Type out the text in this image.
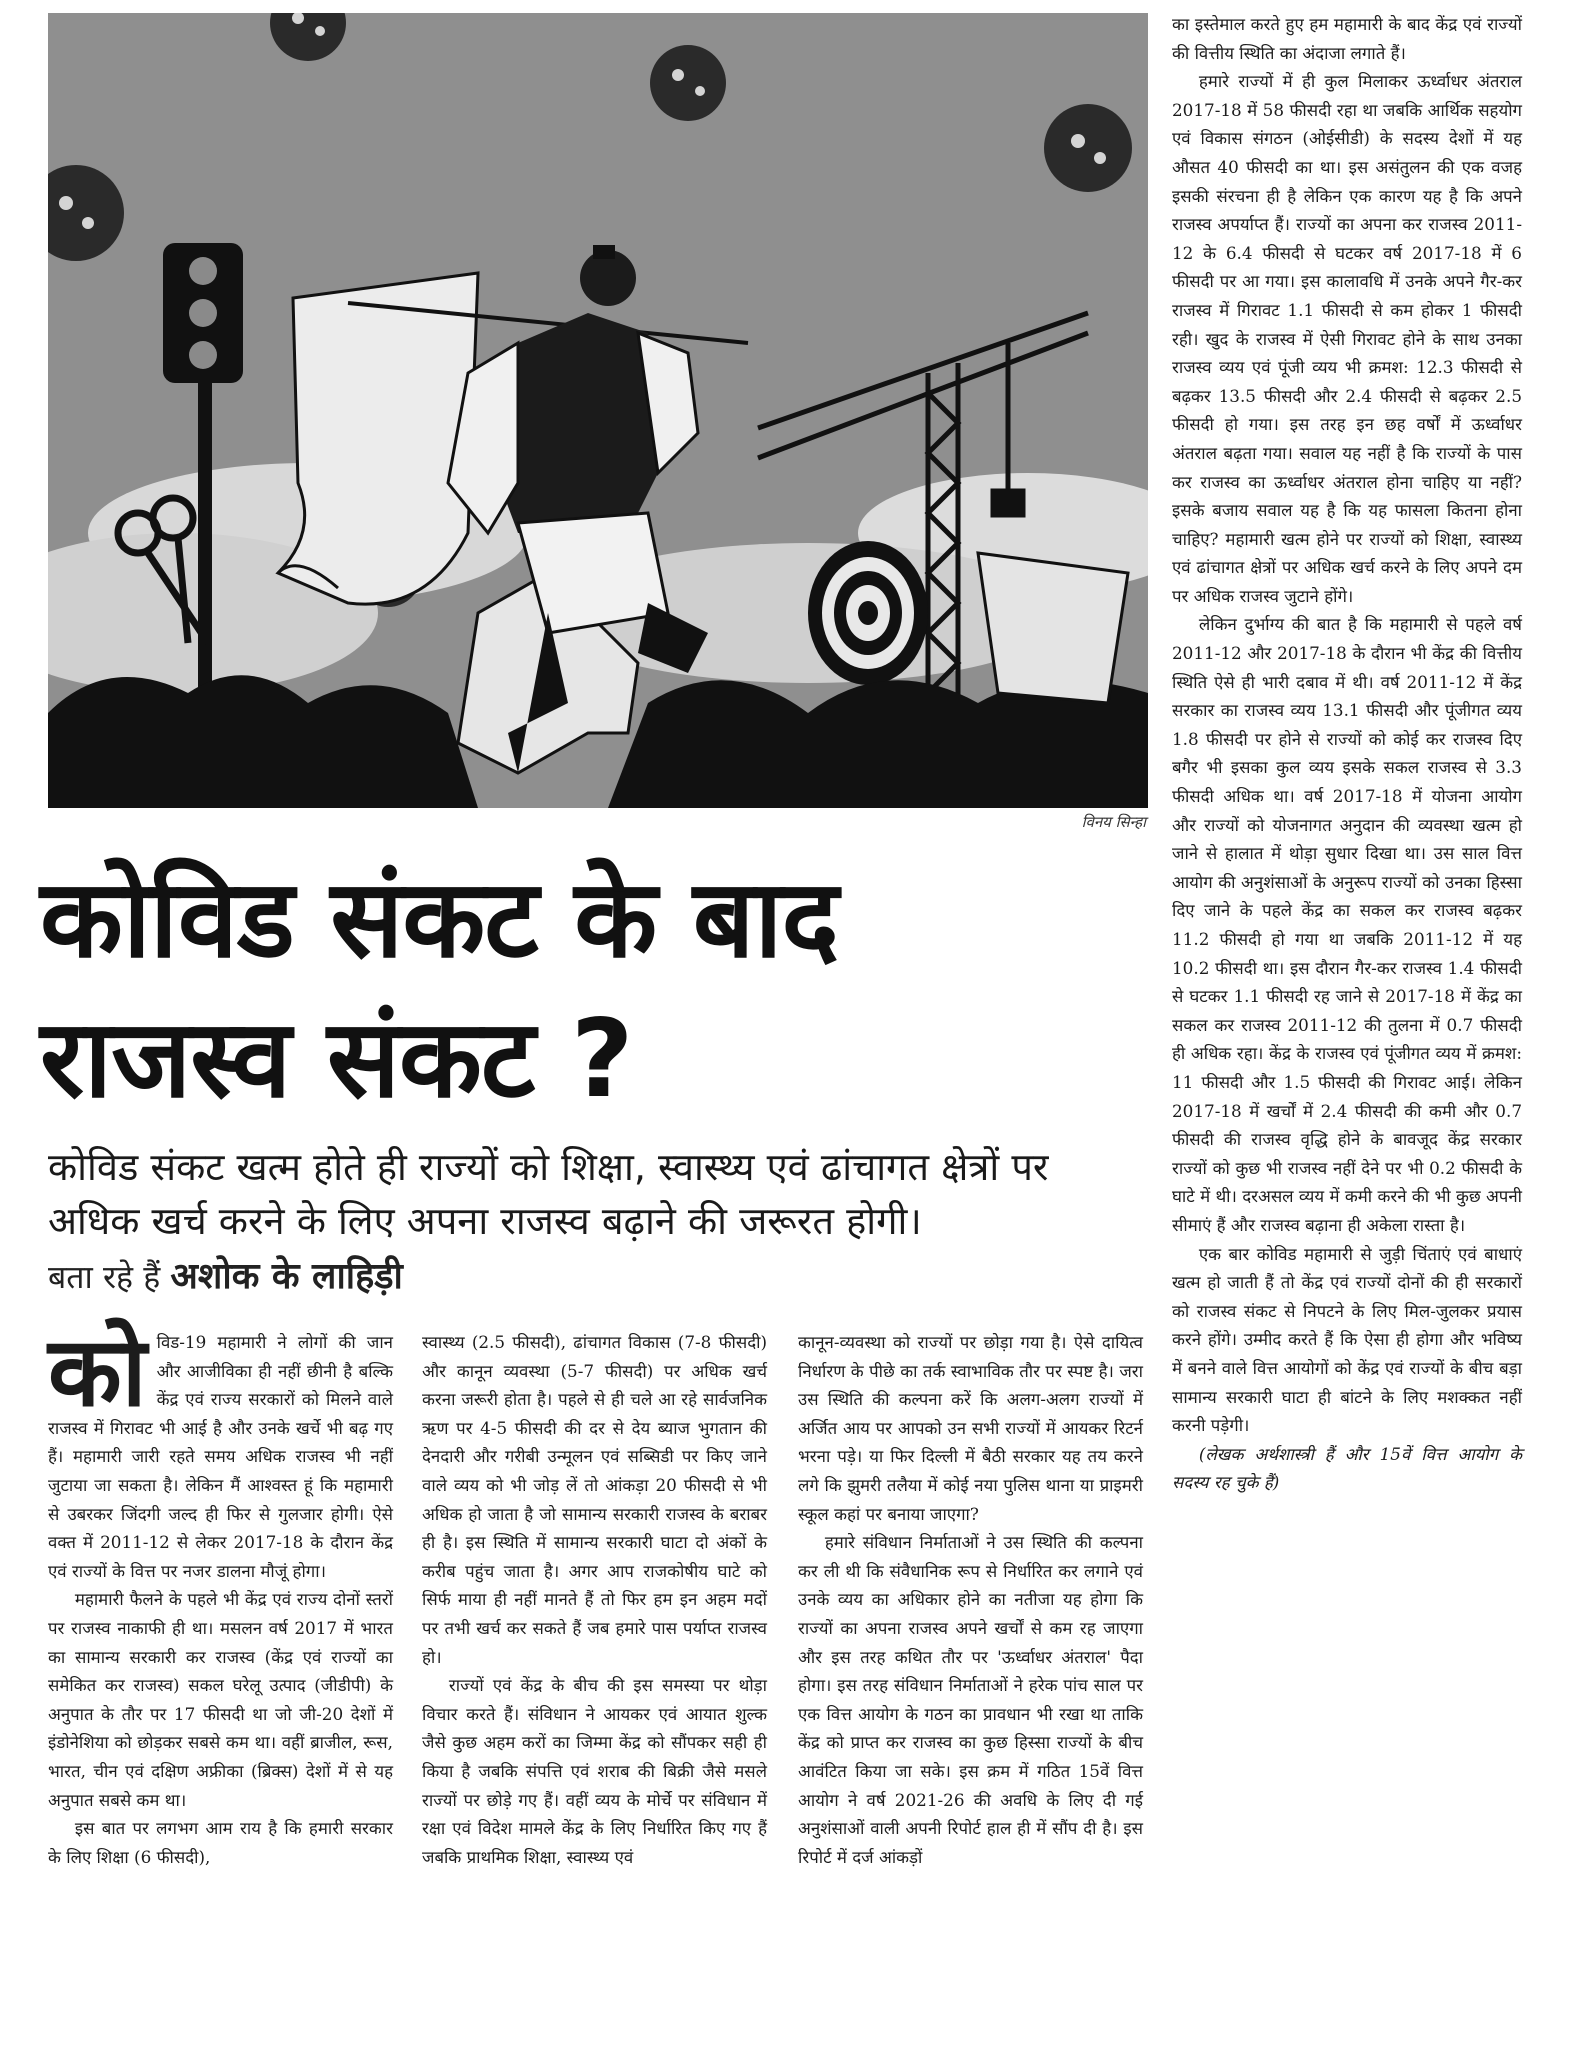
विनय सिन्हा
कोविड संकट के बाद
राजस्व संकट ?
कोविड संकट खत्म होते ही राज्यों को शिक्षा, स्वास्थ्य एवं ढांचागत क्षेत्रों पर अधिक खर्च करने के लिए अपना राजस्व बढ़ाने की जरूरत होगी।
बता रहे हैं अशोक के लाहिड़ी

कोविड-19 महामारी ने लोगों की जान और आजीविका ही नहीं छीनी है बल्कि केंद्र एवं राज्य सरकारों को मिलने वाले राजस्व में गिरावट भी आई है और उनके खर्चे भी बढ़ गए हैं। महामारी जारी रहते समय अधिक राजस्व भी नहीं जुटाया जा सकता है। लेकिन मैं आश्वस्त हूं कि महामारी से उबरकर जिंदगी जल्द ही फिर से गुलजार होगी। ऐसे वक्त में 2011-12 से लेकर 2017-18 के दौरान केंद्र एवं राज्यों के वित्त पर नजर डालना मौजूं होगा।

महामारी फैलने के पहले भी केंद्र एवं राज्य दोनों स्तरों पर राजस्व नाकाफी ही था। मसलन वर्ष 2017 में भारत का सामान्य सरकारी कर राजस्व (केंद्र एवं राज्यों का समेकित कर राजस्व) सकल घरेलू उत्पाद (जीडीपी) के अनुपात के तौर पर 17 फीसदी था जो जी-20 देशों में इंडोनेशिया को छोड़कर सबसे कम था। वहीं ब्राजील, रूस, भारत, चीन एवं दक्षिण अफ्रीका (ब्रिक्स) देशों में से यह अनुपात सबसे कम था।

इस बात पर लगभग आम राय है कि हमारी सरकार के लिए शिक्षा (6 फीसदी),

स्वास्थ्य (2.5 फीसदी), ढांचागत विकास (7-8 फीसदी) और कानून व्यवस्था (5-7 फीसदी) पर अधिक खर्च करना जरूरी होता है। पहले से ही चले आ रहे सार्वजनिक ऋण पर 4-5 फीसदी की दर से देय ब्याज भुगतान की देनदारी और गरीबी उन्मूलन एवं सब्सिडी पर किए जाने वाले व्यय को भी जोड़ लें तो आंकड़ा 20 फीसदी से भी अधिक हो जाता है जो सामान्य सरकारी राजस्व के बराबर ही है। इस स्थिति में सामान्य सरकारी घाटा दो अंकों के करीब पहुंच जाता है। अगर आप राजकोषीय घाटे को सिर्फ माया ही नहीं मानते हैं तो फिर हम इन अहम मदों पर तभी खर्च कर सकते हैं जब हमारे पास पर्याप्त राजस्व हो।

राज्यों एवं केंद्र के बीच की इस समस्या पर थोड़ा विचार करते हैं। संविधान ने आयकर एवं आयात शुल्क जैसे कुछ अहम करों का जिम्मा केंद्र को सौंपकर सही ही किया है जबकि संपत्ति एवं शराब की बिक्री जैसे मसले राज्यों पर छोड़े गए हैं। वहीं व्यय के मोर्चे पर संविधान में रक्षा एवं विदेश मामले केंद्र के लिए निर्धारित किए गए हैं जबकि प्राथमिक शिक्षा, स्वास्थ्य एवं

कानून-व्यवस्था को राज्यों पर छोड़ा गया है। ऐसे दायित्व निर्धारण के पीछे का तर्क स्वाभाविक तौर पर स्पष्ट है। जरा उस स्थिति की कल्पना करें कि अलग-अलग राज्यों में अर्जित आय पर आपको उन सभी राज्यों में आयकर रिटर्न भरना पड़े। या फिर दिल्ली में बैठी सरकार यह तय करने लगे कि झुमरी तलैया में कोई नया पुलिस थाना या प्राइमरी स्कूल कहां पर बनाया जाएगा?

हमारे संविधान निर्माताओं ने उस स्थिति की कल्पना कर ली थी कि संवैधानिक रूप से निर्धारित कर लगाने एवं उनके व्यय का अधिकार होने का नतीजा यह होगा कि राज्यों का अपना राजस्व अपने खर्चों से कम रह जाएगा और इस तरह कथित तौर पर 'ऊर्ध्वाधर अंतराल' पैदा होगा। इस तरह संविधान निर्माताओं ने हरेक पांच साल पर एक वित्त आयोग के गठन का प्रावधान भी रखा था ताकि केंद्र को प्राप्त कर राजस्व का कुछ हिस्सा राज्यों के बीच आवंटित किया जा सके। इस क्रम में गठित 15वें वित्त आयोग ने वर्ष 2021-26 की अवधि के लिए दी गई अनुशंसाओं वाली अपनी रिपोर्ट हाल ही में सौंप दी है। इस रिपोर्ट में दर्ज आंकड़ों

का इस्तेमाल करते हुए हम महामारी के बाद केंद्र एवं राज्यों की वित्तीय स्थिति का अंदाजा लगाते हैं।

हमारे राज्यों में ही कुल मिलाकर ऊर्ध्वाधर अंतराल 2017-18 में 58 फीसदी रहा था जबकि आर्थिक सहयोग एवं विकास संगठन (ओईसीडी) के सदस्य देशों में यह औसत 40 फीसदी का था। इस असंतुलन की एक वजह इसकी संरचना ही है लेकिन एक कारण यह है कि अपने राजस्व अपर्याप्त हैं। राज्यों का अपना कर राजस्व 2011-12 के 6.4 फीसदी से घटकर वर्ष 2017-18 में 6 फीसदी पर आ गया। इस कालावधि में उनके अपने गैर-कर राजस्व में गिरावट 1.1 फीसदी से कम होकर 1 फीसदी रही। खुद के राजस्व में ऐसी गिरावट होने के साथ उनका राजस्व व्यय एवं पूंजी व्यय भी क्रमश: 12.3 फीसदी से बढ़कर 13.5 फीसदी और 2.4 फीसदी से बढ़कर 2.5 फीसदी हो गया। इस तरह इन छह वर्षों में ऊर्ध्वाधर अंतराल बढ़ता गया। सवाल यह नहीं है कि राज्यों के पास कर राजस्व का ऊर्ध्वाधर अंतराल होना चाहिए या नहीं? इसके बजाय सवाल यह है कि यह फासला कितना होना चाहिए? महामारी खत्म होने पर राज्यों को शिक्षा, स्वास्थ्य एवं ढांचागत क्षेत्रों पर अधिक खर्च करने के लिए अपने दम पर अधिक राजस्व जुटाने होंगे।

लेकिन दुर्भाग्य की बात है कि महामारी से पहले वर्ष 2011-12 और 2017-18 के दौरान भी केंद्र की वित्तीय स्थिति ऐसे ही भारी दबाव में थी। वर्ष 2011-12 में केंद्र सरकार का राजस्व व्यय 13.1 फीसदी और पूंजीगत व्यय 1.8 फीसदी पर होने से राज्यों को कोई कर राजस्व दिए बगैर भी इसका कुल व्यय इसके सकल राजस्व से 3.3 फीसदी अधिक था। वर्ष 2017-18 में योजना आयोग और राज्यों को योजनागत अनुदान की व्यवस्था खत्म हो जाने से हालात में थोड़ा सुधार दिखा था। उस साल वित्त आयोग की अनुशंसाओं के अनुरूप राज्यों को उनका हिस्सा दिए जाने के पहले केंद्र का सकल कर राजस्व बढ़कर 11.2 फीसदी हो गया था जबकि 2011-12 में यह 10.2 फीसदी था। इस दौरान गैर-कर राजस्व 1.4 फीसदी से घटकर 1.1 फीसदी रह जाने से 2017-18 में केंद्र का सकल कर राजस्व 2011-12 की तुलना में 0.7 फीसदी ही अधिक रहा। केंद्र के राजस्व एवं पूंजीगत व्यय में क्रमश: 11 फीसदी और 1.5 फीसदी की गिरावट आई। लेकिन 2017-18 में खर्चों में 2.4 फीसदी की कमी और 0.7 फीसदी की राजस्व वृद्धि होने के बावजूद केंद्र सरकार राज्यों को कुछ भी राजस्व नहीं देने पर भी 0.2 फीसदी के घाटे में थी। दरअसल व्यय में कमी करने की भी कुछ अपनी सीमाएं हैं और राजस्व बढ़ाना ही अकेला रास्ता है।

एक बार कोविड महामारी से जुड़ी चिंताएं एवं बाधाएं खत्म हो जाती हैं तो केंद्र एवं राज्यों दोनों की ही सरकारों को राजस्व संकट से निपटने के लिए मिल-जुलकर प्रयास करने होंगे। उम्मीद करते हैं कि ऐसा ही होगा और भविष्य में बनने वाले वित्त आयोगों को केंद्र एवं राज्यों के बीच बड़ा सामान्य सरकारी घाटा ही बांटने के लिए मशक्कत नहीं करनी पड़ेगी।

(लेखक अर्थशास्त्री हैं और 15वें वित्त आयोग के सदस्य रह चुके हैं)
